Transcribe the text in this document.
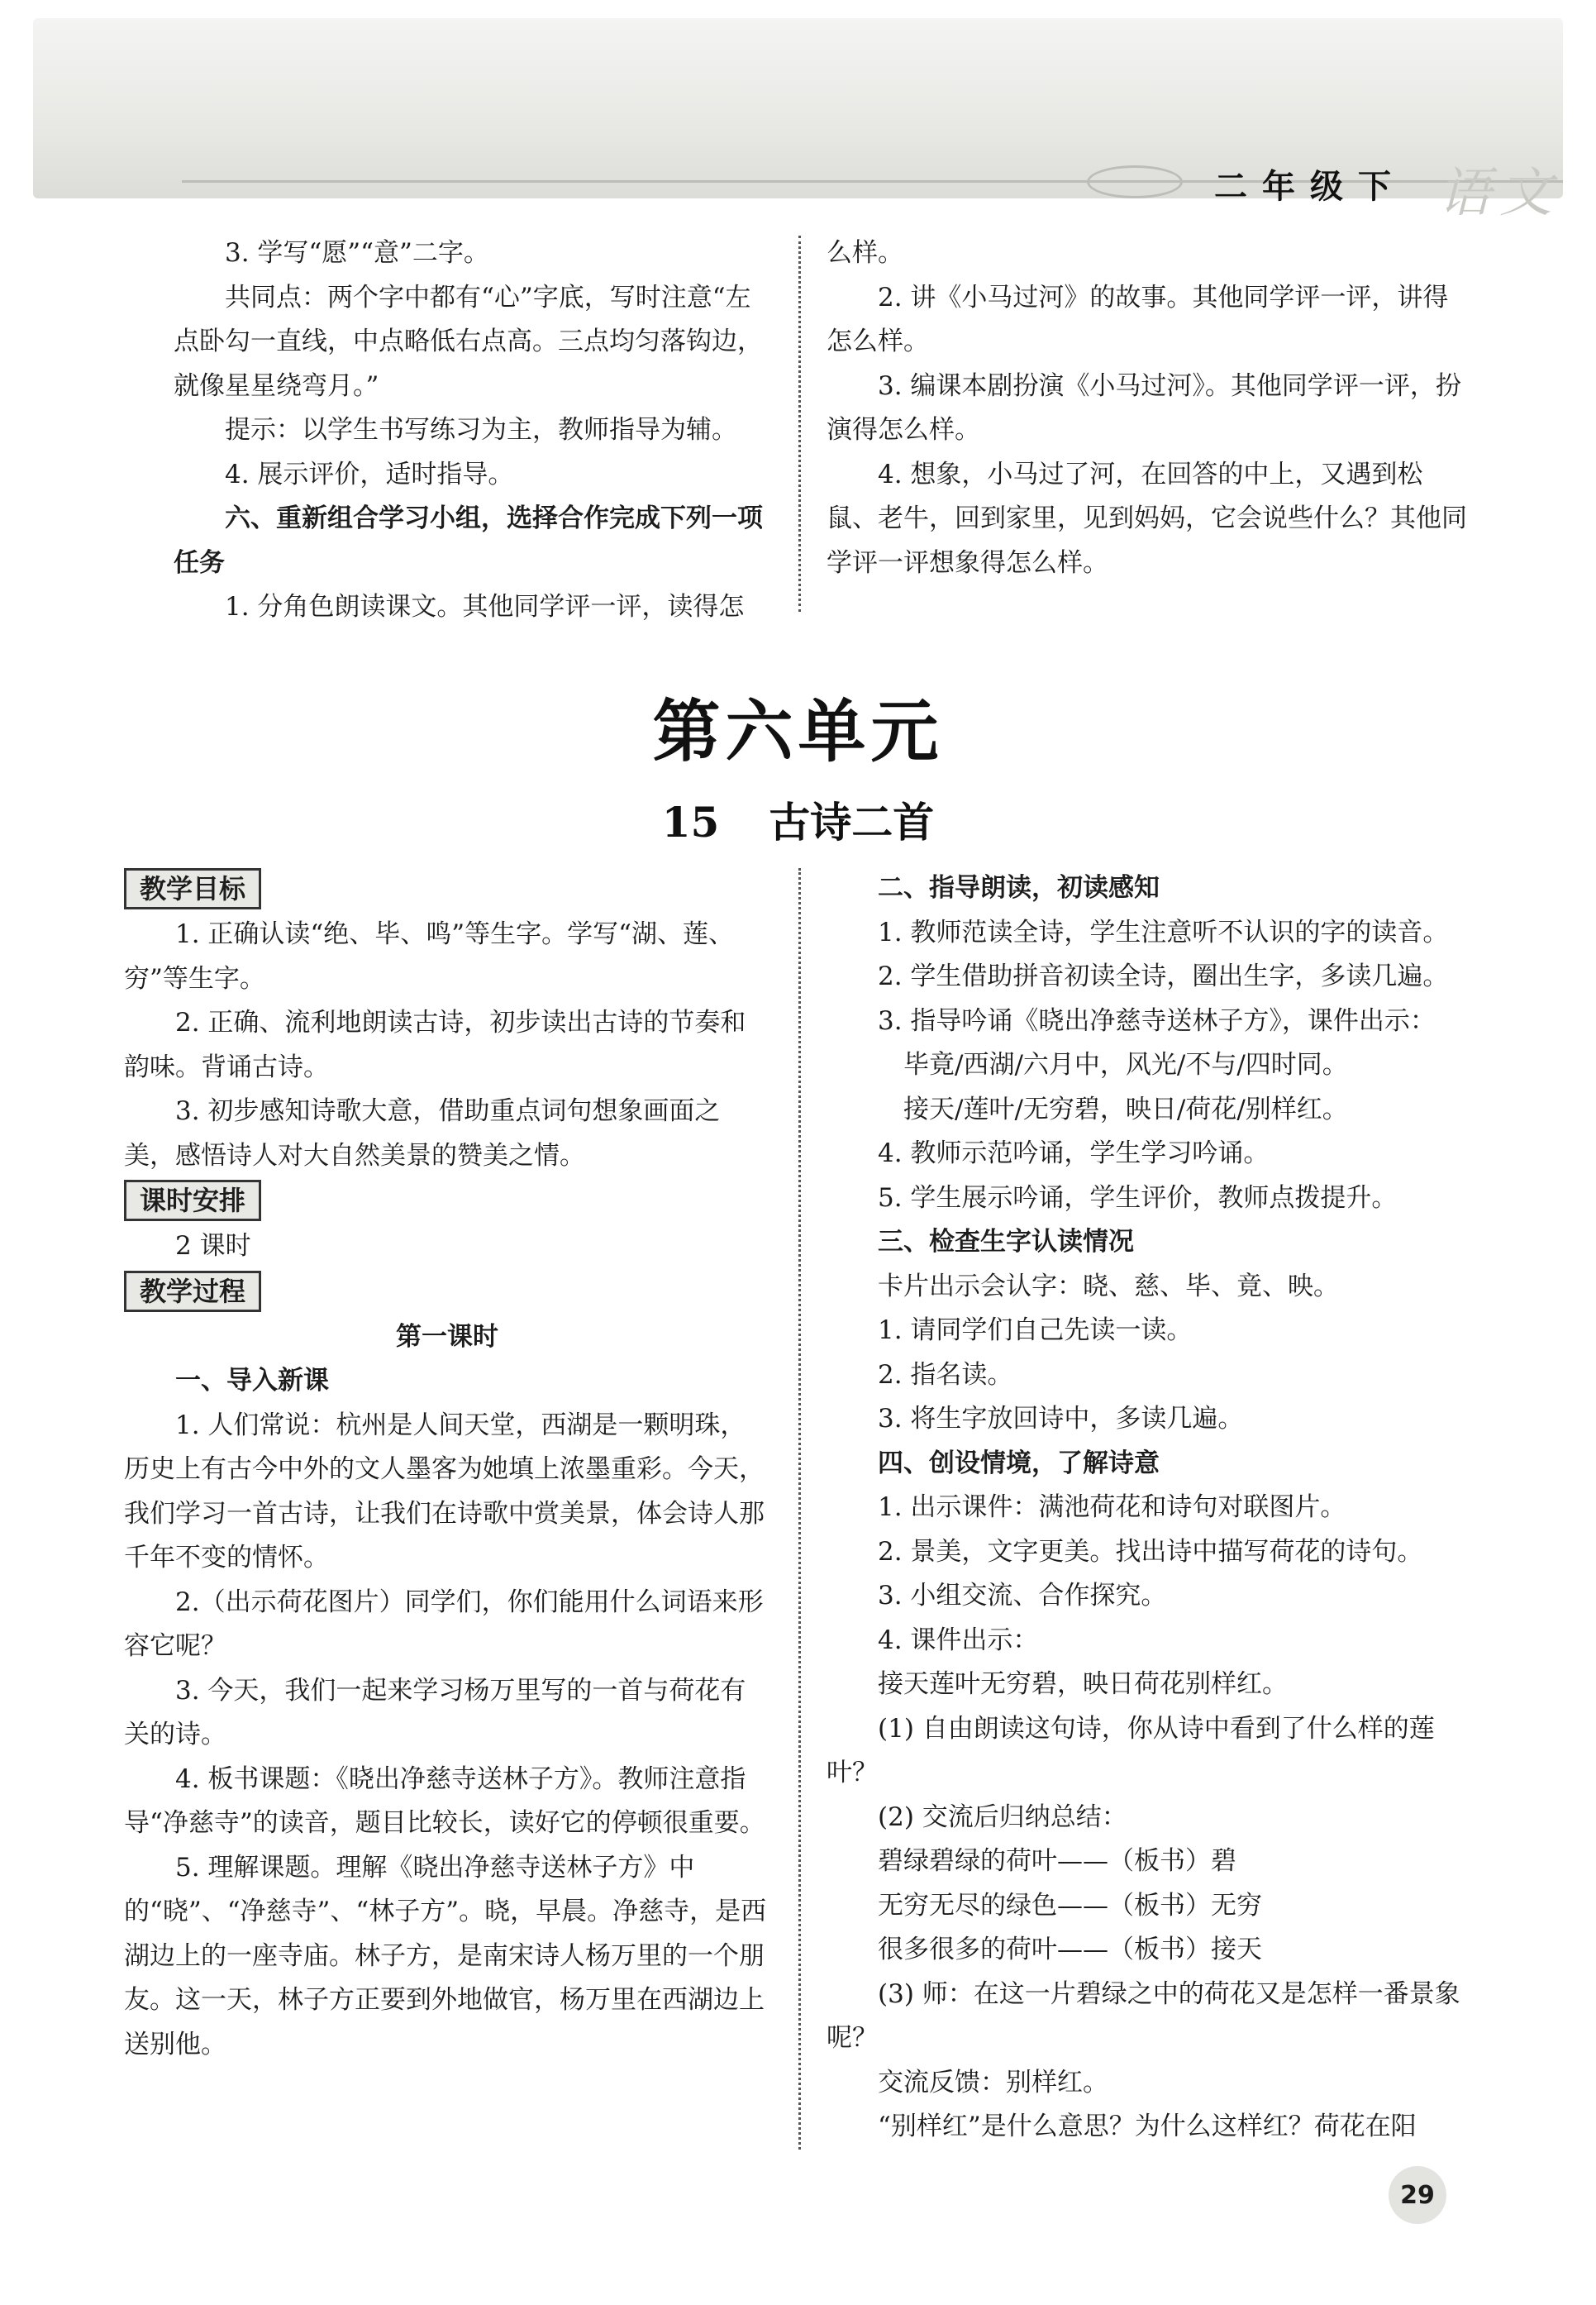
二年级下 语文

3. 学写“愿”“意”二字。

共同点：两个字中都有“心”字底，写时注意“左点卧勾一直线，中点略低右点高。三点均匀落钩边，就像星星绕弯月。”

提示：以学生书写练习为主，教师指导为辅。

4. 展示评价，适时指导。

六、重新组合学习小组，选择合作完成下列一项任务

1. 分角色朗读课文。其他同学评一评，读得怎

么样。

2. 讲《小马过河》的故事。其他同学评一评，讲得怎么样。

3. 编课本剧扮演《小马过河》。其他同学评一评，扮演得怎么样。

4. 想象，小马过了河，在回答的中上，又遇到松鼠、老牛，回到家里，见到妈妈，它会说些什么？其他同学评一评想象得怎么样。

第六单元
15 古诗二首
教学目标

1. 正确认读“绝、毕、鸣”等生字。学写“湖、莲、穷”等生字。

2. 正确、流利地朗读古诗，初步读出古诗的节奏和韵味。背诵古诗。

3. 初步感知诗歌大意，借助重点词句想象画面之美，感悟诗人对大自然美景的赞美之情。

课时安排

2 课时

教学过程

第一课时

一、导入新课

1. 人们常说：杭州是人间天堂，西湖是一颗明珠，历史上有古今中外的文人墨客为她填上浓墨重彩。今天，我们学习一首古诗，让我们在诗歌中赏美景，体会诗人那千年不变的情怀。

2.（出示荷花图片）同学们，你们能用什么词语来形容它呢？

3. 今天，我们一起来学习杨万里写的一首与荷花有关的诗。

4. 板书课题：《晓出净慈寺送林子方》。教师注意指导“净慈寺”的读音，题目比较长，读好它的停顿很重要。

5. 理解课题。理解《晓出净慈寺送林子方》中的“晓”、“净慈寺”、“林子方”。晓，早晨。净慈寺，是西湖边上的一座寺庙。林子方，是南宋诗人杨万里的一个朋友。这一天，林子方正要到外地做官，杨万里在西湖边上送别他。

二、指导朗读，初读感知

1. 教师范读全诗，学生注意听不认识的字的读音。

2. 学生借助拼音初读全诗，圈出生字，多读几遍。

3. 指导吟诵《晓出净慈寺送林子方》，课件出示：

毕竟/西湖/六月中，风光/不与/四时同。

接天/莲叶/无穷碧，映日/荷花/别样红。

4. 教师示范吟诵，学生学习吟诵。

5. 学生展示吟诵，学生评价，教师点拨提升。

三、检查生字认读情况

卡片出示会认字：晓、慈、毕、竟、映。

1. 请同学们自己先读一读。

2. 指名读。

3. 将生字放回诗中，多读几遍。

四、创设情境，了解诗意

1. 出示课件：满池荷花和诗句对联图片。

2. 景美，文字更美。找出诗中描写荷花的诗句。

3. 小组交流、合作探究。

4. 课件出示：

接天莲叶无穷碧，映日荷花别样红。

(1) 自由朗读这句诗，你从诗中看到了什么样的莲叶？

(2) 交流后归纳总结：

碧绿碧绿的荷叶——（板书）碧

无穷无尽的绿色——（板书）无穷

很多很多的荷叶——（板书）接天

(3) 师：在这一片碧绿之中的荷花又是怎样一番景象呢？

交流反馈：别样红。

“别样红”是什么意思？为什么这样红？荷花在阳

29
